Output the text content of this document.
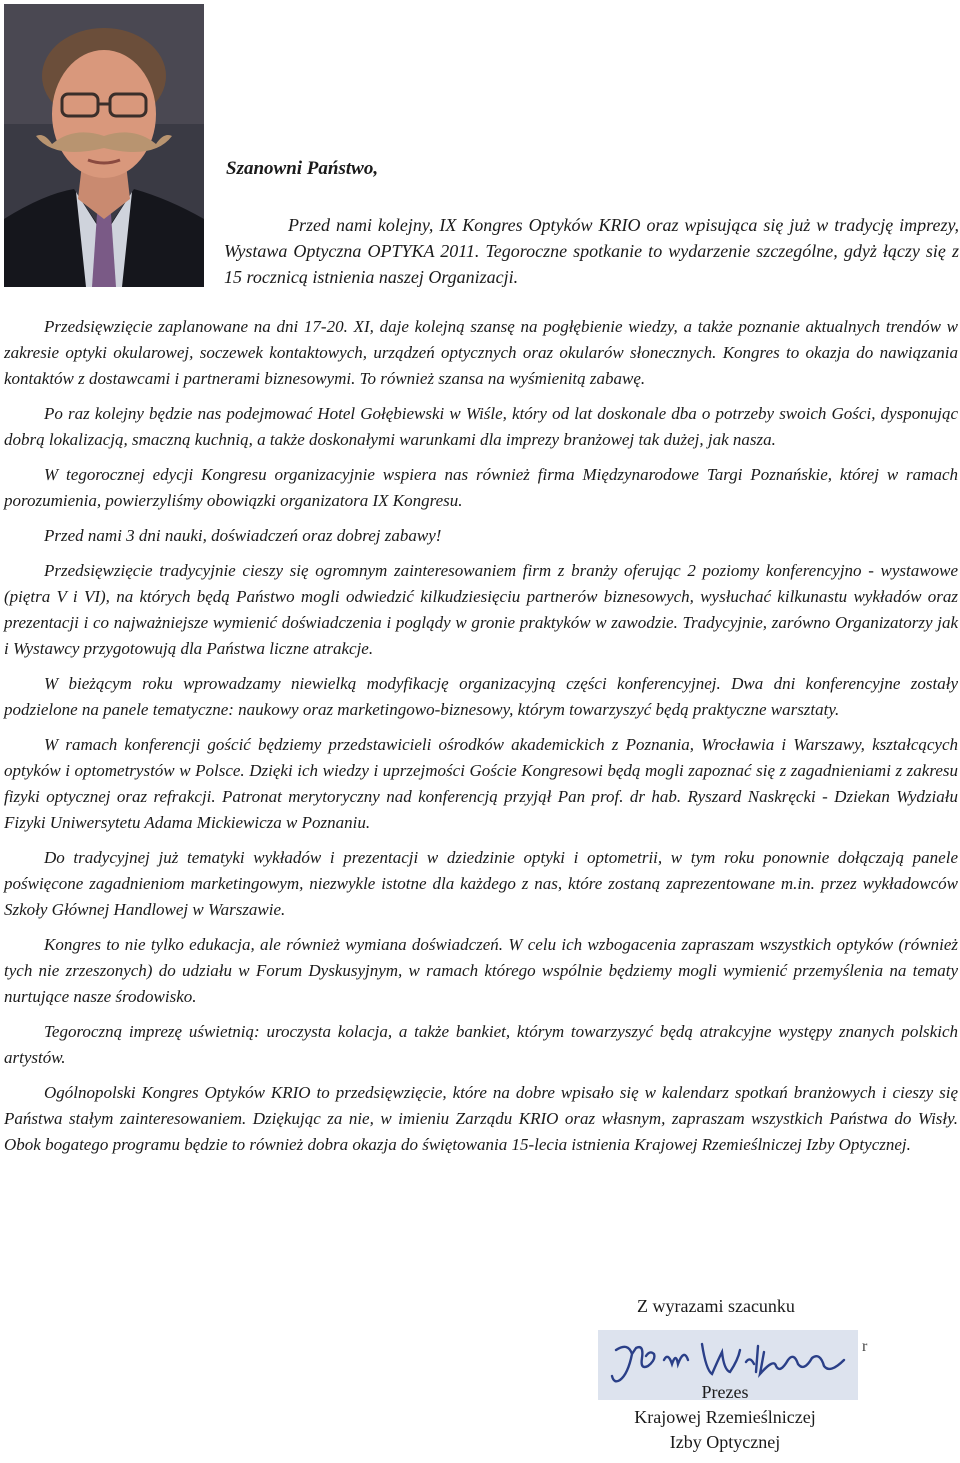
Szanowni Państwo,

Przed nami kolejny, IX Kongres Optyków KRIO oraz wpisująca się już w tradycję imprezy, Wystawa Optyczna OPTYKA 2011. Tegoroczne spotkanie to wydarzenie szczególne, gdyż łączy się z 15 rocznicą istnienia naszej Organizacji.

Przedsięwzięcie zaplanowane na dni 17-20. XI, daje kolejną szansę na pogłębienie wiedzy, a także poznanie aktualnych trendów w zakresie optyki okularowej, soczewek kontaktowych, urządzeń optycznych oraz okularów słonecznych. Kongres to okazja do nawiązania kontaktów z dostawcami i partnerami biznesowymi. To również szansa na wyśmienitą zabawę.

Po raz kolejny będzie nas podejmować Hotel Gołębiewski w Wiśle, który od lat doskonale dba o potrzeby swoich Gości, dysponując dobrą lokalizacją, smaczną kuchnią, a także doskonałymi warunkami dla imprezy branżowej tak dużej, jak nasza.

W tegorocznej edycji Kongresu organizacyjnie wspiera nas również firma Międzynarodowe Targi Poznańskie, której w ramach porozumienia, powierzyliśmy obowiązki organizatora IX Kongresu.

Przed nami 3 dni nauki, doświadczeń oraz dobrej zabawy!

Przedsięwzięcie tradycyjnie cieszy się ogromnym zainteresowaniem firm z branży oferując 2 poziomy konferencyjno - wystawowe (piętra V i VI), na których będą Państwo mogli odwiedzić kilkudziesięciu partnerów biznesowych, wysłuchać kilkunastu wykładów oraz prezentacji i co najważniejsze wymienić doświadczenia i poglądy w gronie praktyków w zawodzie. Tradycyjnie, zarówno Organizatorzy jak i Wystawcy przygotowują dla Państwa liczne atrakcje.

W bieżącym roku wprowadzamy niewielką modyfikację organizacyjną części konferencyjnej. Dwa dni konferencyjne zostały podzielone na panele tematyczne: naukowy oraz marketingowo-biznesowy, którym towarzyszyć będą praktyczne warsztaty.

W ramach konferencji gościć będziemy przedstawicieli ośrodków akademickich z Poznania, Wrocławia i Warszawy, kształcących optyków i optometrystów w Polsce. Dzięki ich wiedzy i uprzejmości Goście Kongresowi będą mogli zapoznać się z zagadnieniami z zakresu fizyki optycznej oraz refrakcji. Patronat merytoryczny nad konferencją przyjął Pan prof. dr hab. Ryszard Naskręcki - Dziekan Wydziału Fizyki Uniwersytetu Adama Mickiewicza w Poznaniu.

Do tradycyjnej już tematyki wykładów i prezentacji w dziedzinie optyki i optometrii, w tym roku ponownie dołączają panele poświęcone zagadnieniom marketingowym, niezwykle istotne dla każdego z nas, które zostaną zaprezentowane m.in. przez wykładowców Szkoły Głównej Handlowej w Warszawie.

Kongres to nie tylko edukacja, ale również wymiana doświadczeń. W celu ich wzbogacenia zapraszam wszystkich optyków (również tych nie zrzeszonych) do udziału w Forum Dyskusyjnym, w ramach którego wspólnie będziemy mogli wymienić przemyślenia na tematy nurtujące nasze środowisko.

Tegoroczną imprezę uświetnią: uroczysta kolacja, a także bankiet, którym towarzyszyć będą atrakcyjne występy znanych polskich artystów.

Ogólnopolski Kongres Optyków KRIO to przedsięwzięcie, które na dobre wpisało się w kalendarz spotkań branżowych i cieszy się Państwa stałym zainteresowaniem. Dziękując za nie, w imieniu Zarządu KRIO oraz własnym, zapraszam wszystkich Państwa do Wisły. Obok bogatego programu będzie to również dobra okazja do świętowania 15-lecia istnienia Krajowej Rzemieślniczej Izby Optycznej.

Z wyrazami szacunku
r
Prezes
Krajowej Rzemieślniczej
Izby Optycznej
